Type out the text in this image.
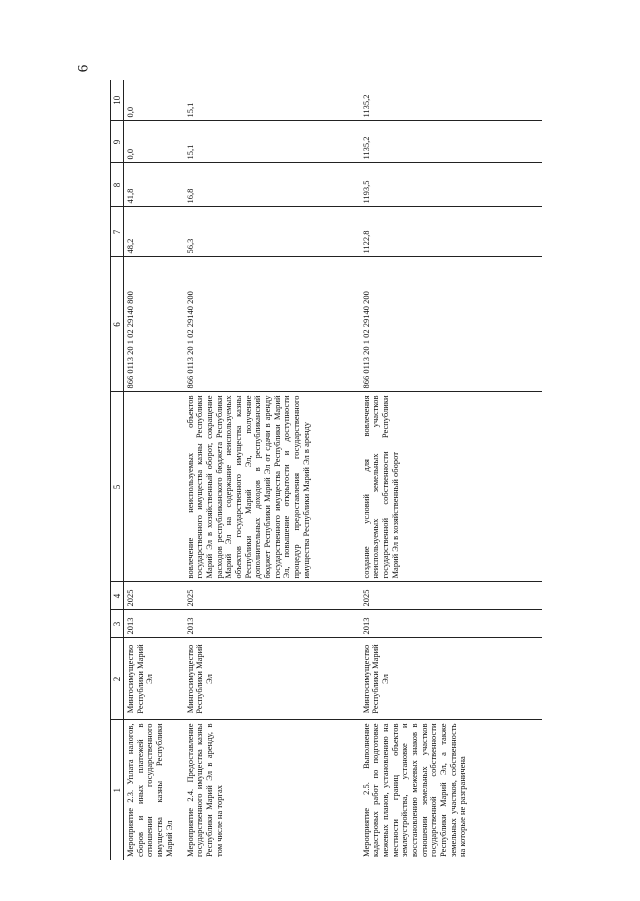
6
1	2	3	4	5	6	7	8	9	10
Мероприятие 2.3. Уплата налогов, сборов и иных платежей в отношении государственного имущества казны Республики Марий Эл	Мингосимущество Республики Марий Эл	2013	2025		866 0113 20 1 02 29140 800	48,2	41,8	0,0	0,0
Мероприятие 2.4. Предоставление государственного имущества казны Республики Марий Эл в аренду, в том числе на торгах	Мингосимущество Республики Марий Эл	2013	2025	вовлечение неиспользуемых объектов государственного имущества казны Республики Марий Эл в хозяйственный оборот, сокращение расходов республиканского бюджета Республики Марий Эл на содержание неиспользуемых объектов государственного имущества казны Республики Марий Эл, получение дополнительных доходов в республиканский бюджет Республики Марий Эл от сдачи в аренду государственного имущества Республики Марий Эл, повышение открытости и доступности процедур предоставления государственного имущества Республики Марий Эл в аренду	866 0113 20 1 02 29140 200	56,3	16,8	15,1	15,1
Мероприятие 2.5. Выполнение кадастровых работ по подготовке межевых планов, установлению на местности границ объектов землеустройства, установке и восстановлению межевых знаков в отношении земельных участков государственной собственности Республики Марий Эл, а также земельных участков, собственность на которые не разграничена	Мингосимущество Республики Марий Эл	2013	2025	создание условий для вовлечения неиспользуемых земельных участков государственной собственности Республики Марий Эл в хозяйственный оборот	866 0113 20 1 02 29140 200	1122,8	1193,5	1135,2	1135,2
